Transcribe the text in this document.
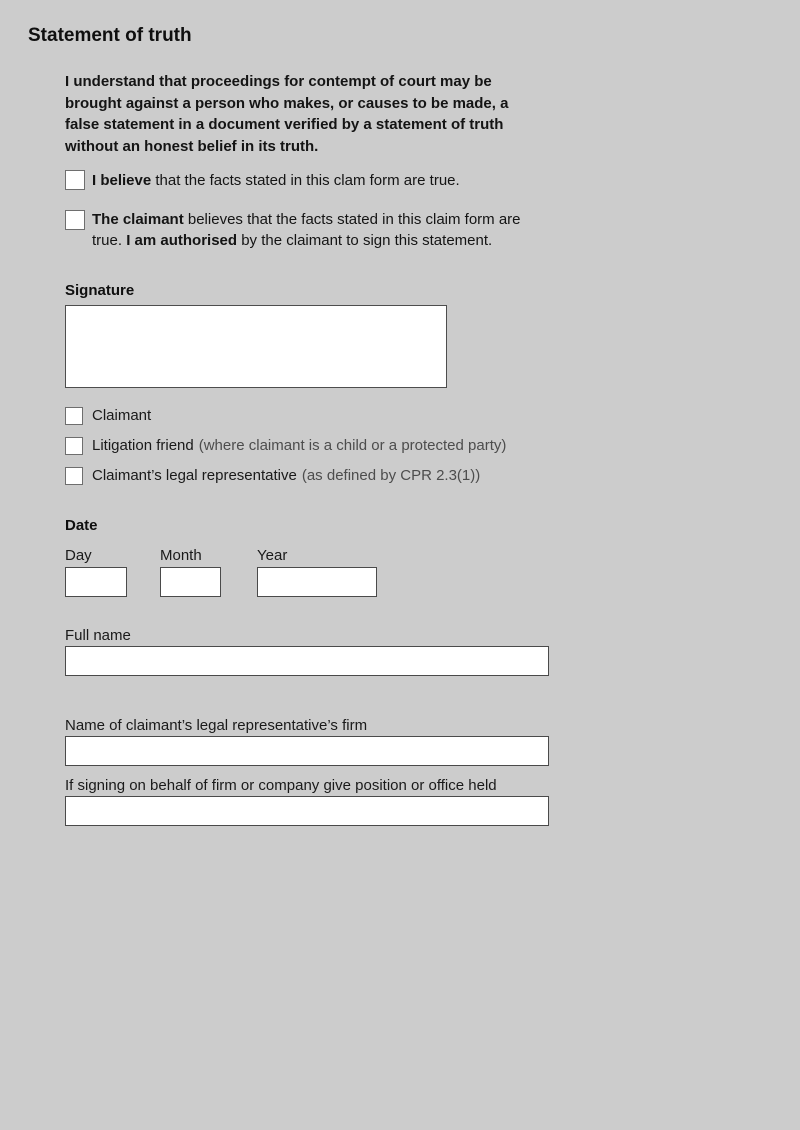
Statement of truth

I understand that proceedings for contempt of court may be brought against a person who makes, or causes to be made, a false statement in a document verified by a statement of truth without an honest belief in its truth.

I believe that the facts stated in this clam form are true.
The claimant believes that the facts stated in this claim form are true. I am authorised by the claimant to sign this statement.
Signature
Claimant
Litigation friend (where claimant is a child or a protected party)
Claimant’s legal representative (as defined by CPR 2.3(1))
Date
Day	Month	Year
Full name
Name of claimant’s legal representative’s firm
If signing on behalf of firm or company give position or office held
